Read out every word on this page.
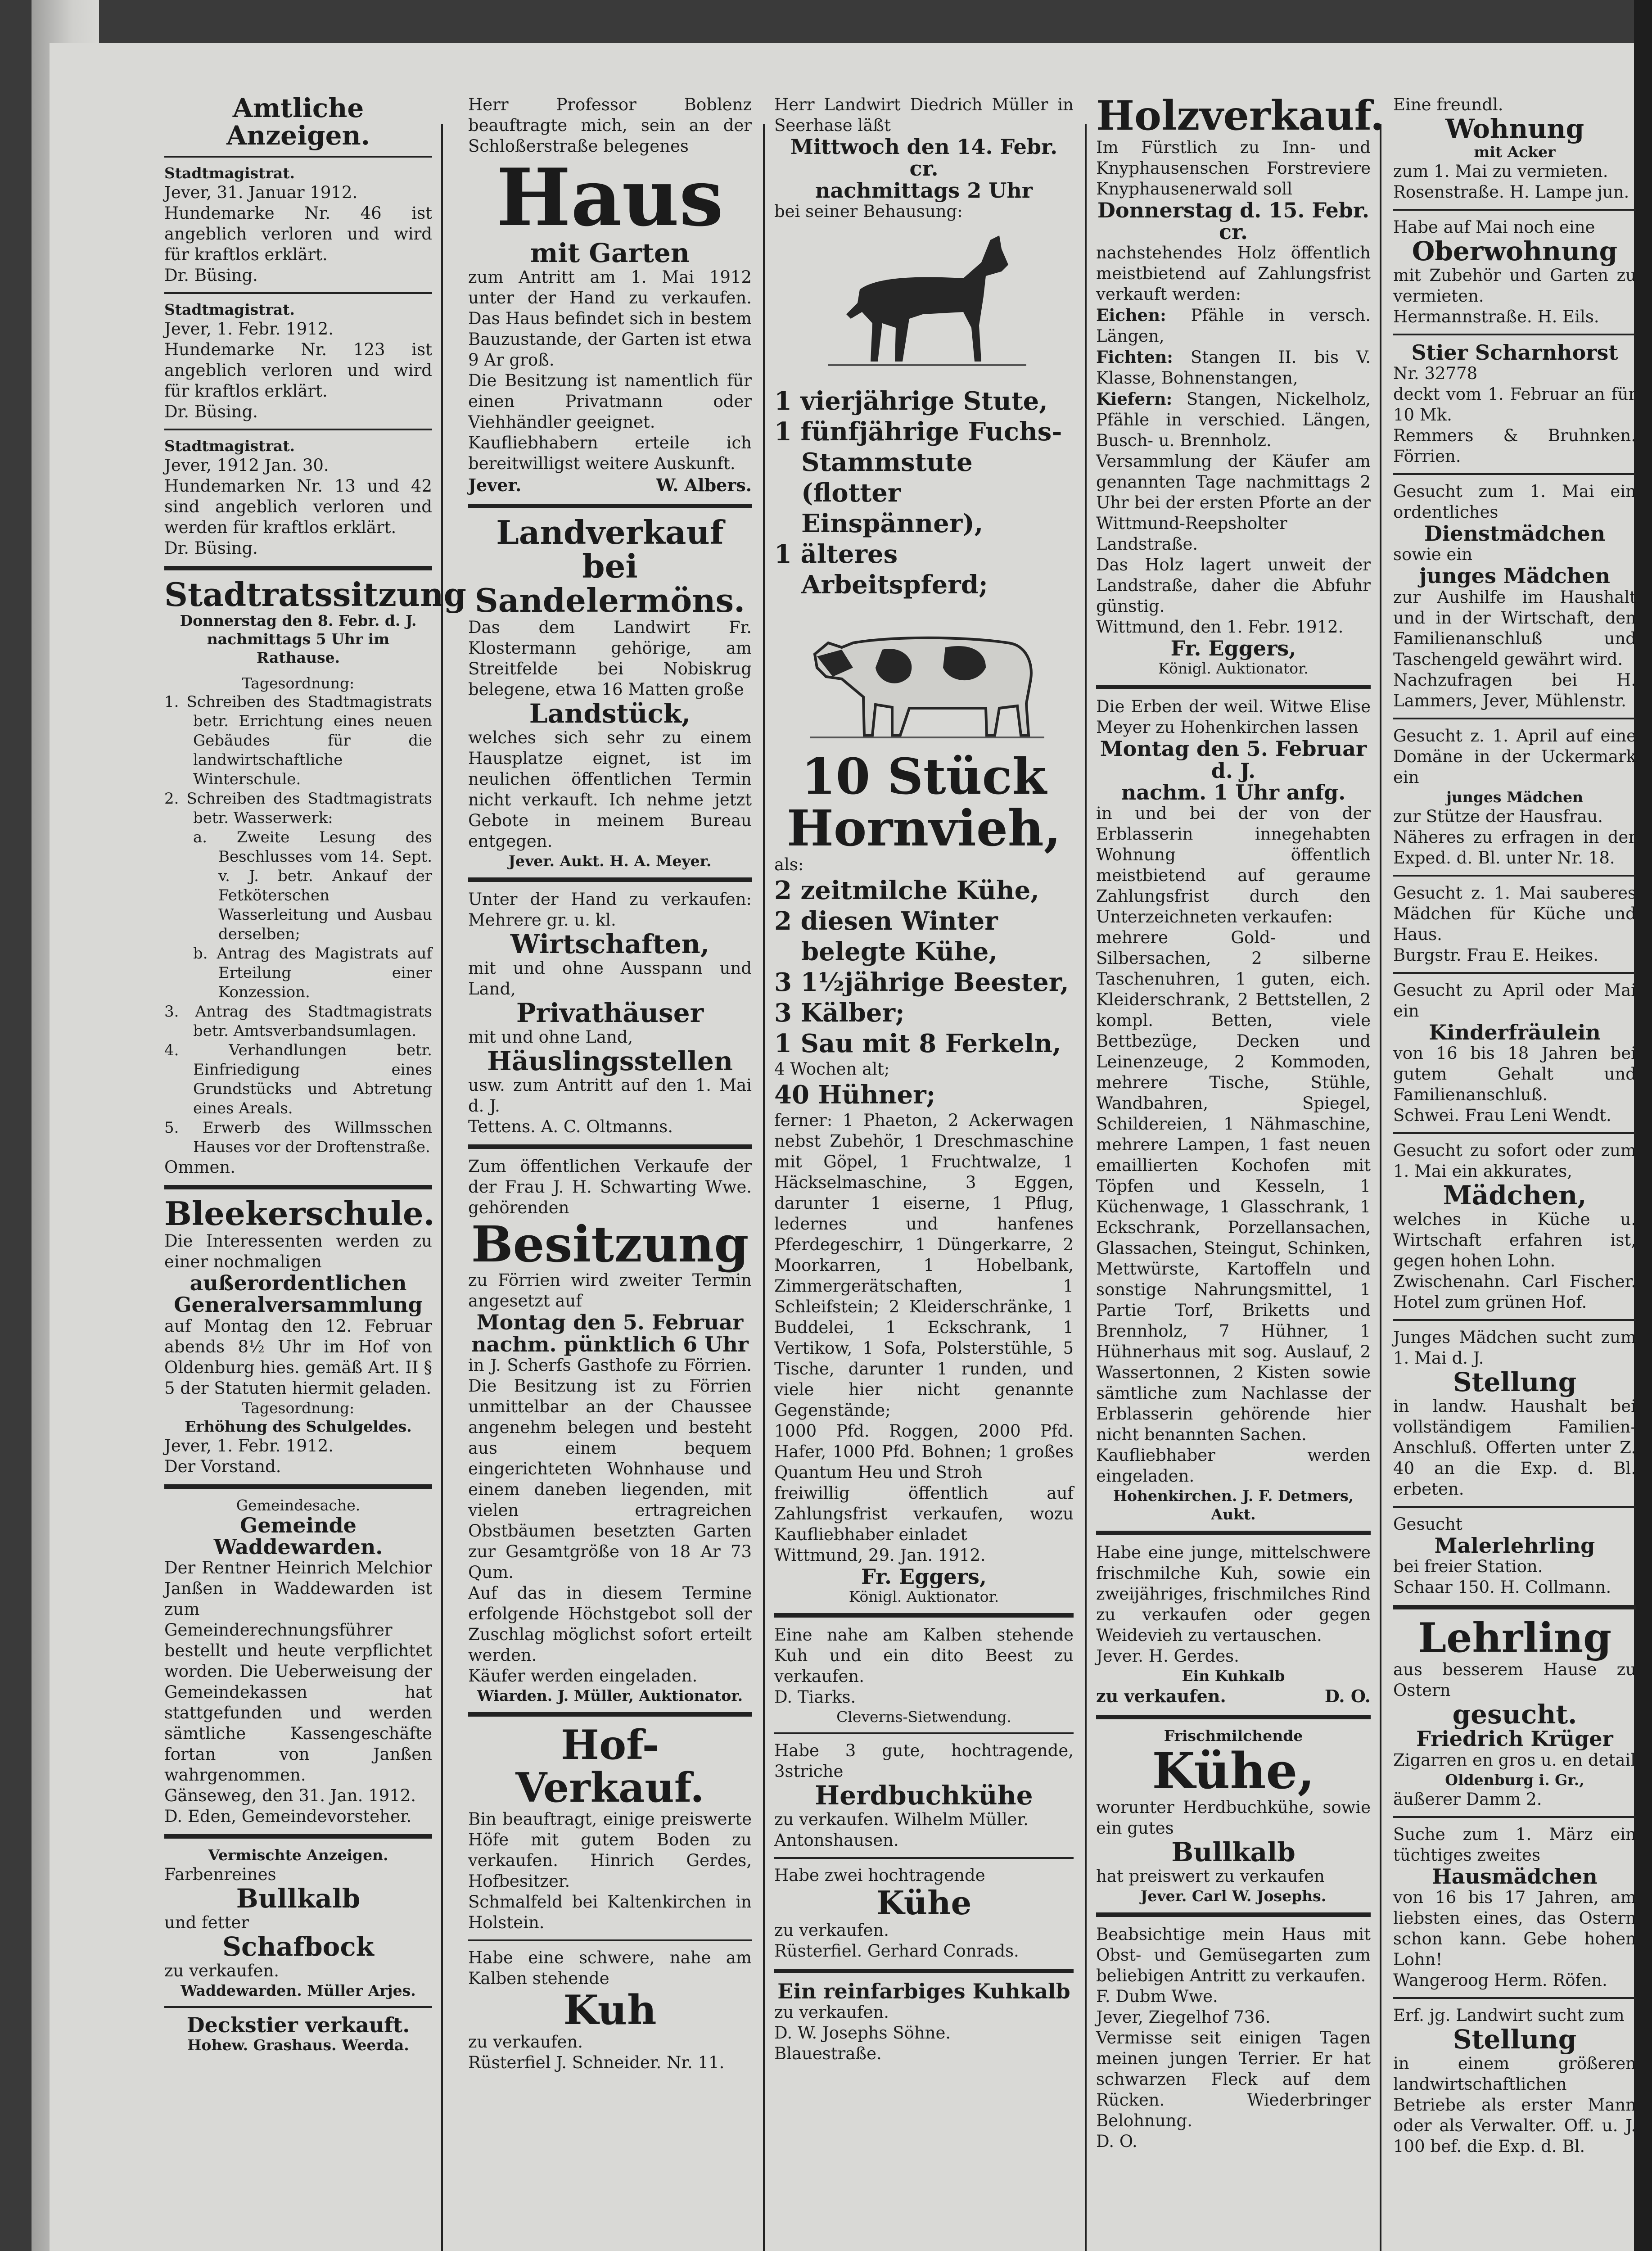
Amtliche Anzeigen.

Stadtmagistrat.

Jever, 31. Januar 1912.

Hundemarke Nr. 46 ist angeblich verloren und wird für kraftlos erklärt.

Dr. Büsing.

Stadtmagistrat.

Jever, 1. Febr. 1912.

Hundemarke Nr. 123 ist angeblich verloren und wird für kraftlos erklärt.

Dr. Büsing.

Stadtmagistrat.

Jever, 1912 Jan. 30.

Hundemarken Nr. 13 und 42 sind angeblich verloren und werden für kraftlos erklärt.

Dr. Büsing.

Stadtratssitzung

Donnerstag den 8. Febr. d. J. nachmittags 5 Uhr im Rathause.

Tagesordnung:

1. Schreiben des Stadtmagistrats betr. Errichtung eines neuen Gebäudes für die landwirtschaftliche Winterschule.
2. Schreiben des Stadtmagistrats betr. Wasserwerk:
a. Zweite Lesung des Beschlusses vom 14. Sept. v. J. betr. Ankauf der Fetköterschen Wasserleitung und Ausbau derselben;
b. Antrag des Magistrats auf Erteilung einer Konzession.
3. Antrag des Stadtmagistrats betr. Amtsverbandsumlagen.
4. Verhandlungen betr. Einfriedigung eines Grundstücks und Abtretung eines Areals.
5. Erwerb des Willmsschen Hauses vor der Droftenstraße.

Ommen.

Bleekerschule.

Die Interessenten werden zu einer nochmaligen

außerordentlichen

Generalversammlung

auf Montag den 12. Februar abends 8½ Uhr im Hof von Oldenburg hies. gemäß Art. II § 5 der Statuten hiermit geladen.

Tagesordnung:

Erhöhung des Schulgeldes.

Jever, 1. Febr. 1912.

Der Vorstand.

Gemeindesache.

Gemeinde Waddewarden.

Der Rentner Heinrich Melchior Janßen in Waddewarden ist zum Gemeinderechnungsführer bestellt und heute verpflichtet worden. Die Ueberweisung der Gemeindekassen hat stattgefunden und werden sämtliche Kassengeschäfte fortan von Janßen wahrgenommen.

Gänseweg, den 31. Jan. 1912.

D. Eden, Gemeindevorsteher.

Vermischte Anzeigen.

Farbenreines

Bullkalb

und fetter

Schafbock

zu verkaufen.

Waddewarden. Müller Arjes.

Deckstier verkauft.

Hohew. Grashaus. Weerda.

Herr Professor Boblenz beauftragte mich, sein an der Schloßerstraße belegenes

Haus

mit Garten

zum Antritt am 1. Mai 1912 unter der Hand zu verkaufen. Das Haus befindet sich in bestem Bauzustande, der Garten ist etwa 9 Ar groß.

Die Besitzung ist namentlich für einen Privatmann oder Viehhändler geeignet.

Kaufliebhabern erteile ich bereitwilligst weitere Auskunft.

Jever.	W. Albers.

Landverkauf

bei Sandelermöns.

Das dem Landwirt Fr. Klostermann gehörige, am Streitfelde bei Nobiskrug belegene, etwa 16 Matten große

Landstück,

welches sich sehr zu einem Hausplatze eignet, ist im neulichen öffentlichen Termin nicht verkauft. Ich nehme jetzt Gebote in meinem Bureau entgegen.

Jever. Aukt. H. A. Meyer.

Unter der Hand zu verkaufen: Mehrere gr. u. kl.

Wirtschaften,

mit und ohne Ausspann und Land,

Privathäuser

mit und ohne Land,

Häuslingsstellen

usw. zum Antritt auf den 1. Mai d. J.

Tettens. A. C. Oltmanns.

Zum öffentlichen Verkaufe der der Frau J. H. Schwarting Wwe. gehörenden

Besitzung

zu Förrien wird zweiter Termin angesetzt auf

Montag den 5. Februar

nachm. pünktlich 6 Uhr

in J. Scherfs Gasthofe zu Förrien. Die Besitzung ist zu Förrien unmittelbar an der Chaussee angenehm belegen und besteht aus einem bequem eingerichteten Wohnhause und einem daneben liegenden, mit vielen ertragreichen Obstbäumen besetzten Garten zur Gesamtgröße von 18 Ar 73 Qum.

Auf das in diesem Termine erfolgende Höchstgebot soll der Zuschlag möglichst sofort erteilt werden.

Käufer werden eingeladen.

Wiarden. J. Müller, Auktionator.

Hof-Verkauf.

Bin beauftragt, einige preiswerte Höfe mit gutem Boden zu verkaufen. Hinrich Gerdes, Hofbesitzer.

Schmalfeld bei Kaltenkirchen in Holstein.

Habe eine schwere, nahe am Kalben stehende

Kuh

zu verkaufen.

Rüsterfiel J. Schneider. Nr. 11.

Herr Landwirt Diedrich Müller in Seerhase läßt

Mittwoch den 14. Febr. cr.

nachmittags 2 Uhr

bei seiner Behausung:

1 vierjährige Stute,

1 fünfjährige Fuchs-Stammstute (flotter Einspänner),

1 älteres Arbeitspferd;

10 Stück

Hornvieh,

als:

2 zeitmilche Kühe,

2 diesen Winter belegte Kühe,

3 1½jährige Beester,

3 Kälber;

1 Sau mit 8 Ferkeln,

4 Wochen alt;

40 Hühner;

ferner: 1 Phaeton, 2 Ackerwagen nebst Zubehör, 1 Dreschmaschine mit Göpel, 1 Fruchtwalze, 1 Häckselmaschine, 3 Eggen, darunter 1 eiserne, 1 Pflug, ledernes und hanfenes Pferdegeschirr, 1 Düngerkarre, 2 Moorkarren, 1 Hobelbank, Zimmergerätschaften, 1 Schleifstein; 2 Kleiderschränke, 1 Buddelei, 1 Eckschrank, 1 Vertikow, 1 Sofa, Polsterstühle, 5 Tische, darunter 1 runden, und viele hier nicht genannte Gegenstände;

1000 Pfd. Roggen, 2000 Pfd. Hafer, 1000 Pfd. Bohnen; 1 großes Quantum Heu und Stroh

freiwillig öffentlich auf Zahlungsfrist verkaufen, wozu Kaufliebhaber einladet

Wittmund, 29. Jan. 1912.

Fr. Eggers,

Königl. Auktionator.

Eine nahe am Kalben stehende Kuh und ein dito Beest zu verkaufen.

D. Tiarks.

Cleverns-Sietwendung.

Habe 3 gute, hochtragende, 3striche

Herdbuchkühe

zu verkaufen. Wilhelm Müller.

Antonshausen.

Habe zwei hochtragende

Kühe

zu verkaufen.

Rüsterfiel. Gerhard Conrads.

Ein reinfarbiges Kuhkalb

zu verkaufen.

D. W. Josephs Söhne.

Blauestraße.

Holzverkauf.

Im Fürstlich zu Inn- und Knyphausenschen Forstreviere Knyphausenerwald soll

Donnerstag d. 15. Febr. cr.

nachstehendes Holz öffentlich meistbietend auf Zahlungsfrist verkauft werden:

Eichen: Pfähle in versch. Längen,

Fichten: Stangen II. bis V. Klasse, Bohnenstangen,

Kiefern: Stangen, Nickelholz, Pfähle in verschied. Längen, Busch- u. Brennholz.

Versammlung der Käufer am genannten Tage nachmittags 2 Uhr bei der ersten Pforte an der Wittmund-Reepsholter Landstraße.

Das Holz lagert unweit der Landstraße, daher die Abfuhr günstig.

Wittmund, den 1. Febr. 1912.

Fr. Eggers,

Königl. Auktionator.

Die Erben der weil. Witwe Elise Meyer zu Hohenkirchen lassen

Montag den 5. Februar d. J.

nachm. 1 Uhr anfg.

in und bei der von der Erblasserin innegehabten Wohnung öffentlich meistbietend auf geraume Zahlungsfrist durch den Unterzeichneten verkaufen:

mehrere Gold- und Silbersachen, 2 silberne Taschenuhren, 1 guten, eich. Kleiderschrank, 2 Bettstellen, 2 kompl. Betten, viele Bettbezüge, Decken und Leinenzeuge, 2 Kommoden, mehrere Tische, Stühle, Wandbahren, Spiegel, Schildereien, 1 Nähmaschine, mehrere Lampen, 1 fast neuen emaillierten Kochofen mit Töpfen und Kesseln, 1 Küchenwage, 1 Glasschrank, 1 Eckschrank, Porzellansachen, Glassachen, Steingut, Schinken, Mettwürste, Kartoffeln und sonstige Nahrungsmittel, 1 Partie Torf, Briketts und Brennholz, 7 Hühner, 1 Hühnerhaus mit sog. Auslauf, 2 Wassertonnen, 2 Kisten sowie sämtliche zum Nachlasse der Erblasserin gehörende hier nicht benannten Sachen.

Kaufliebhaber werden eingeladen.

Hohenkirchen. J. F. Detmers, Aukt.

Habe eine junge, mittelschwere frischmilche Kuh, sowie ein zweijähriges, frischmilches Rind zu verkaufen oder gegen Weidevieh zu vertauschen.

Jever. H. Gerdes.

Ein Kuhkalb

zu verkaufen.	D. O.

Frischmilchende

Kühe,

worunter Herdbuchkühe, sowie ein gutes

Bullkalb

hat preiswert zu verkaufen

Jever. Carl W. Josephs.

Beabsichtige mein Haus mit Obst- und Gemüsegarten zum beliebigen Antritt zu verkaufen.

F. Dubm Wwe.

Jever, Ziegelhof 736.

Vermisse seit einigen Tagen meinen jungen Terrier. Er hat schwarzen Fleck auf dem Rücken. Wiederbringer Belohnung.

D. O.

Eine freundl.

Wohnung

mit Acker

zum 1. Mai zu vermieten.

Rosenstraße. H. Lampe jun.

Habe auf Mai noch eine

Oberwohnung

mit Zubehör und Garten zu vermieten.

Hermannstraße. H. Eils.

Stier Scharnhorst

Nr. 32778

deckt vom 1. Februar an für 10 Mk.

Remmers & Bruhnken. Förrien.

Gesucht zum 1. Mai ein ordentliches

Dienstmädchen

sowie ein

junges Mädchen

zur Aushilfe im Haushalt und in der Wirtschaft, den Familienanschluß und Taschengeld gewährt wird.

Nachzufragen bei H. Lammers, Jever, Mühlenstr.

Gesucht z. 1. April auf eine Domäne in der Uckermark ein

junges Mädchen

zur Stütze der Hausfrau.

Näheres zu erfragen in der Exped. d. Bl. unter Nr. 18.

Gesucht z. 1. Mai sauberes Mädchen für Küche und Haus.

Burgstr. Frau E. Heikes.

Gesucht zu April oder Mai ein

Kinderfräulein

von 16 bis 18 Jahren bei gutem Gehalt und Familienanschluß.

Schwei. Frau Leni Wendt.

Gesucht zu sofort oder zum 1. Mai ein akkurates,

Mädchen,

welches in Küche u. Wirtschaft erfahren ist, gegen hohen Lohn.

Zwischenahn. Carl Fischer. Hotel zum grünen Hof.

Junges Mädchen sucht zum 1. Mai d. J.

Stellung

in landw. Haushalt bei vollständigem Familien-Anschluß. Offerten unter Z. 40 an die Exp. d. Bl. erbeten.

Gesucht

Malerlehrling

bei freier Station.

Schaar 150. H. Collmann.

Lehrling

aus besserem Hause zu Ostern

gesucht.

Friedrich Krüger

Zigarren en gros u. en detail

Oldenburg i. Gr.,

äußerer Damm 2.

Suche zum 1. März ein tüchtiges zweites

Hausmädchen

von 16 bis 17 Jahren, am liebsten eines, das Ostern schon kann. Gebe hohen Lohn!

Wangeroog Herm. Röfen.

Erf. jg. Landwirt sucht zum

Stellung

in einem größeren landwirtschaftlichen Betriebe als erster Mann oder als Verwalter. Off. u. J. 100 bef. die Exp. d. Bl.
